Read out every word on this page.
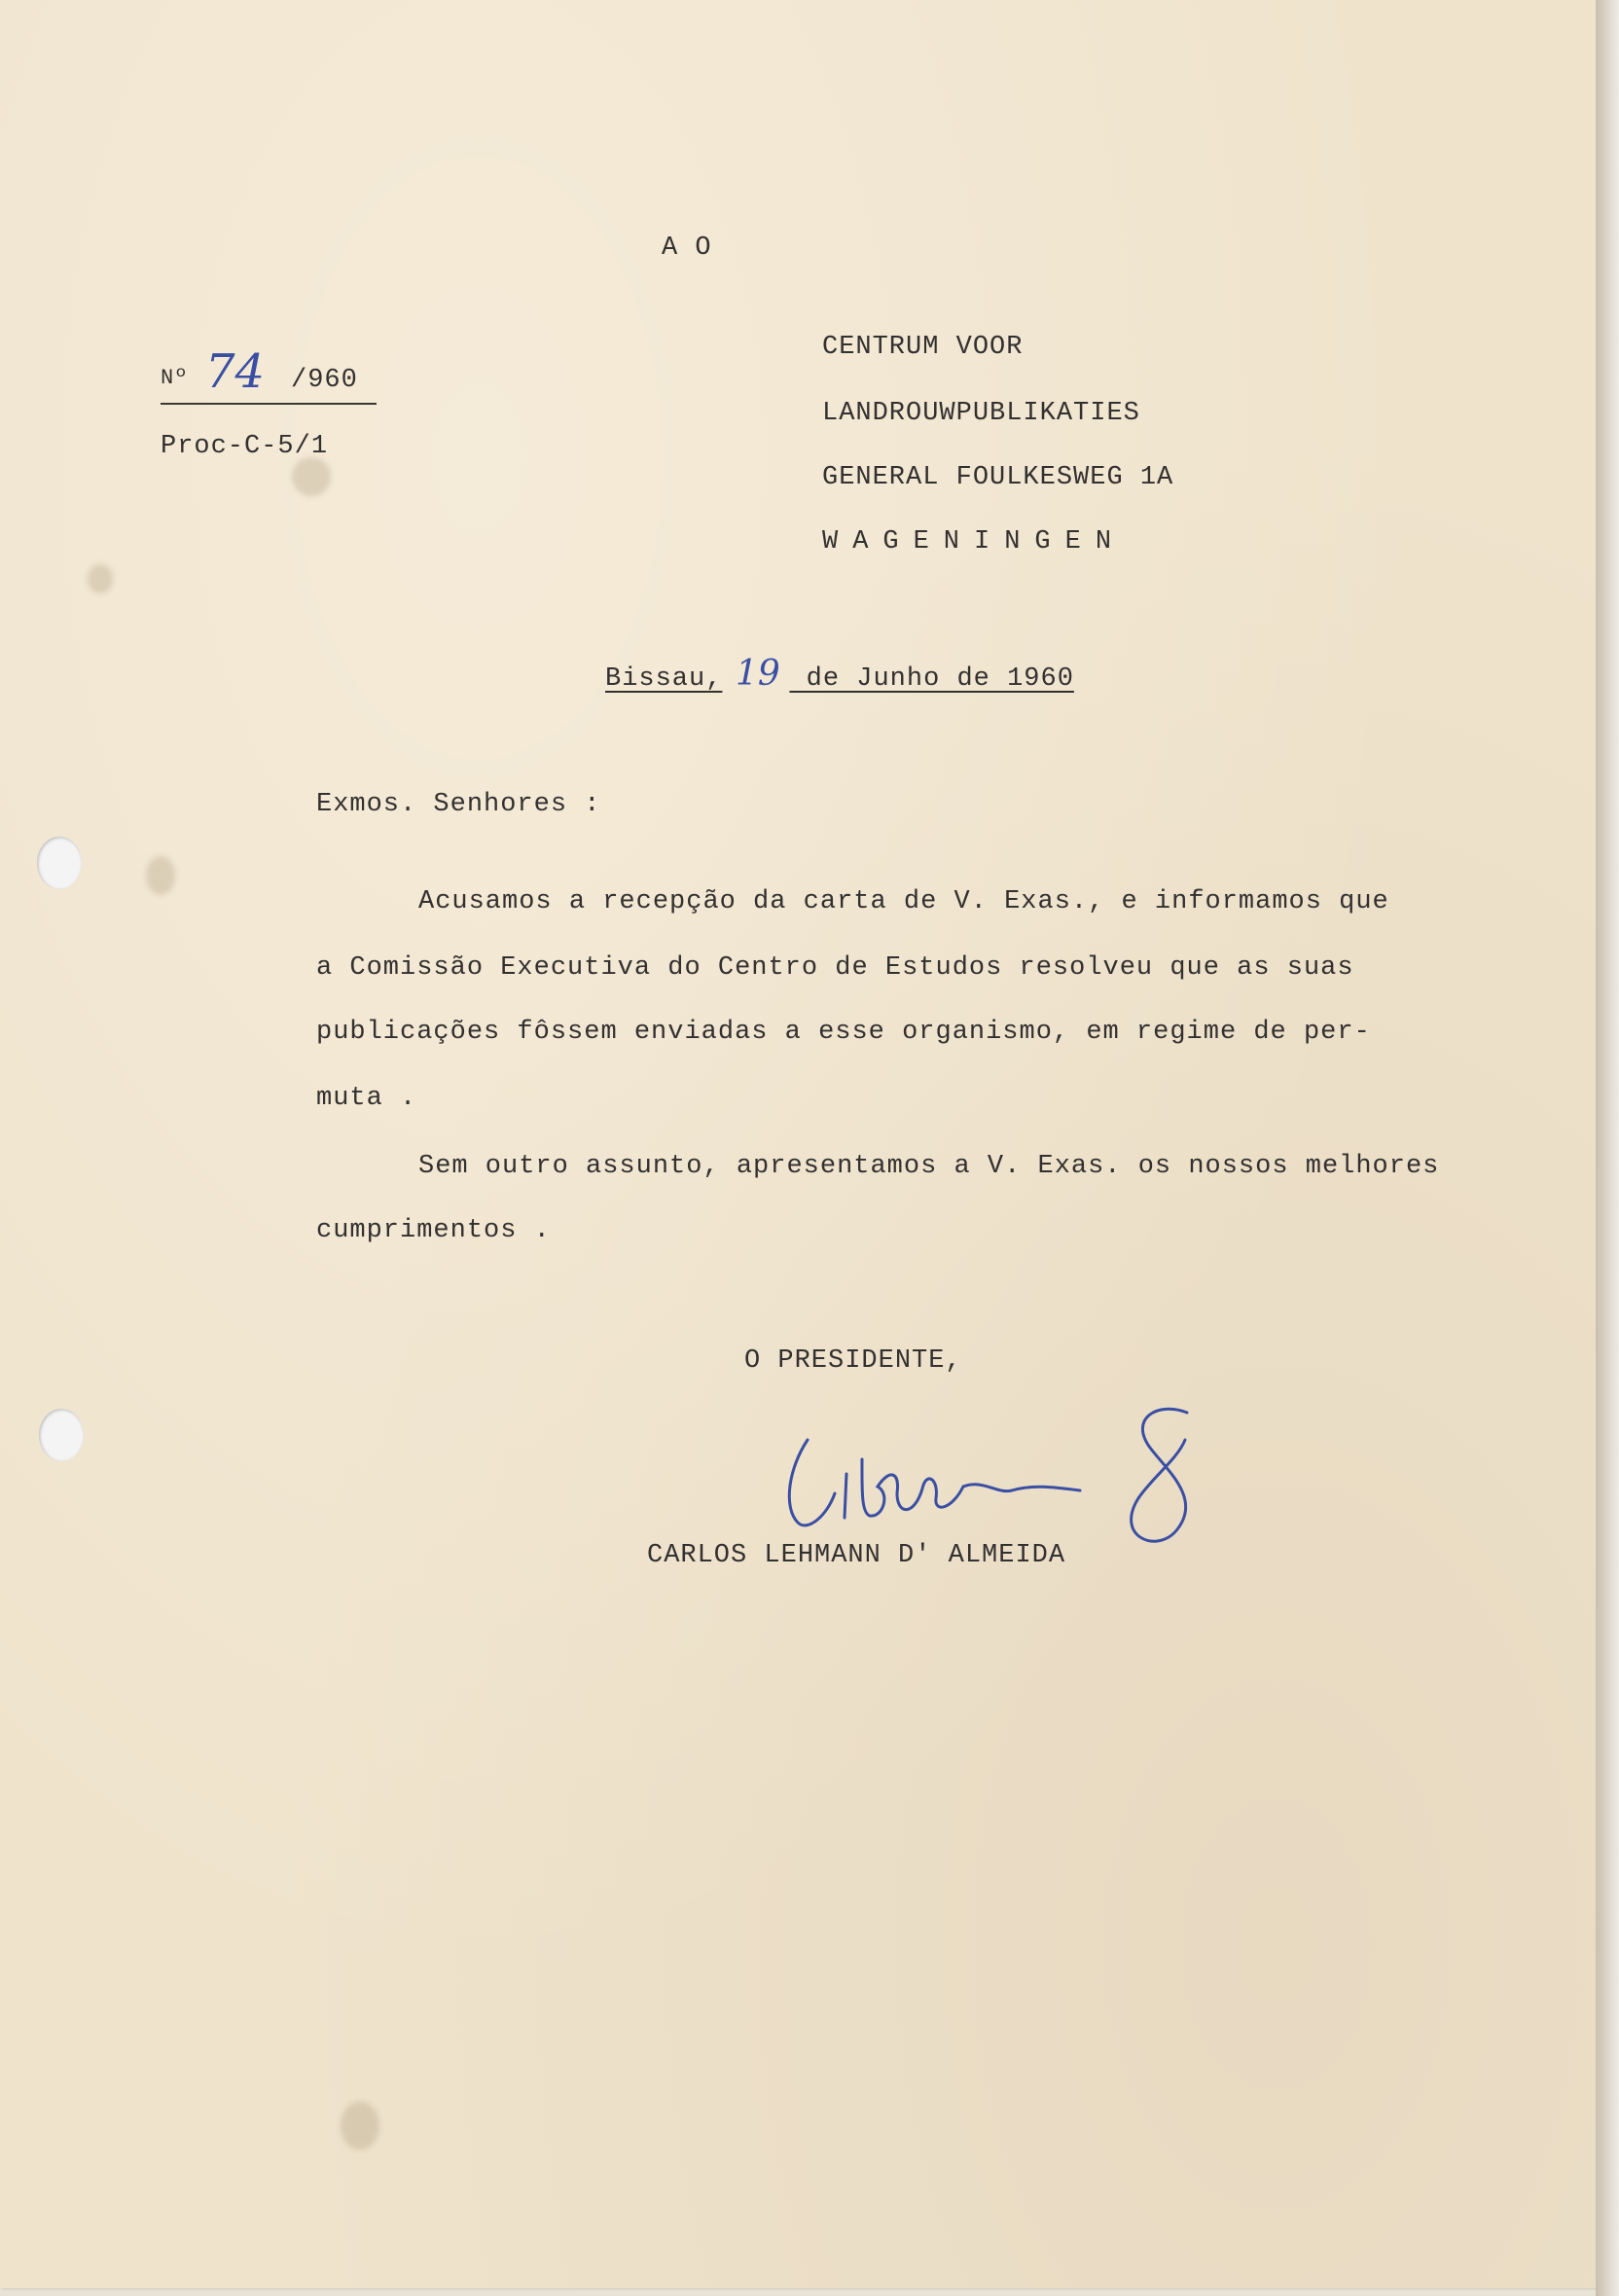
A O

Nº 74 /960

Proc-C-5/1

CENTRUM VOOR

LANDROUWPUBLIKATIES

GENERAL FOULKESWEG 1A

WAGENINGEN

Bissau, 19  de Junho de 1960

Exmos. Senhores :

Acusamos a recepção da carta de V. Exas., e informamos que

a Comissão Executiva do Centro de Estudos resolveu que as suas

publicações fôssem enviadas a esse organismo, em regime de per-

muta .

Sem outro assunto, apresentamos a V. Exas. os nossos melhores

cumprimentos .

O PRESIDENTE,

CARLOS LEHMANN D' ALMEIDA
